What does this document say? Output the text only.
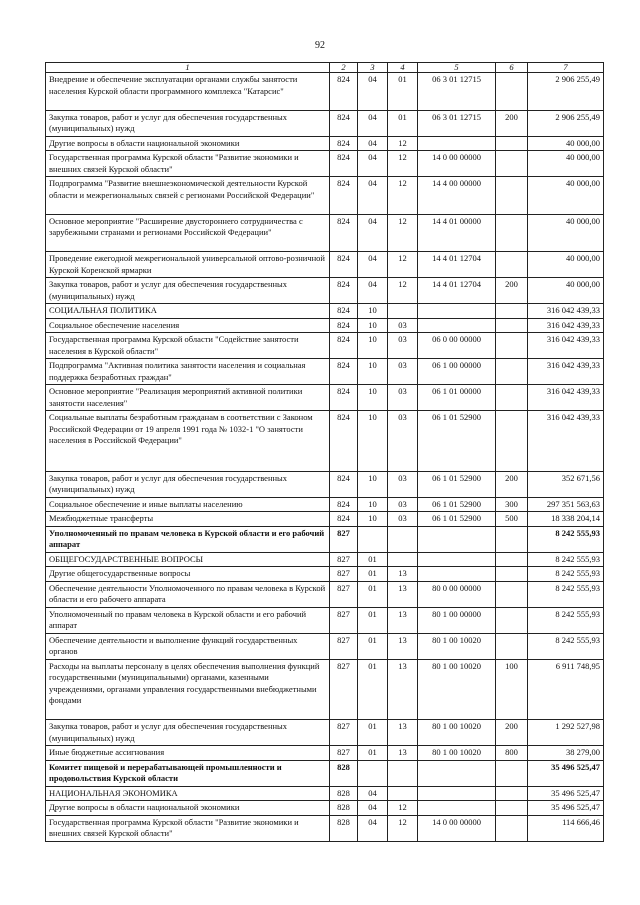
92
1	2	3	4	5	6	7
Внедрение и обеспечение эксплуатации органами службы занятости населения Курской области программного комплекса "Катарсис"	824	04	01	06 3 01 12715		2 906 255,49
Закупка товаров, работ и услуг для обеспечения государственных (муниципальных) нужд	824	04	01	06 3 01 12715	200	2 906 255,49
Другие вопросы в области национальной экономики	824	04	12			40 000,00
Государственная программа Курской области "Развитие экономики и внешних связей Курской области"	824	04	12	14 0 00 00000		40 000,00
Подпрограмма "Развитие внешнеэкономической деятельности Курской области и межрегиональных связей с регионами Российской Федерации"	824	04	12	14 4 00 00000		40 000,00
Основное мероприятие "Расширение двустороннего сотрудничества с зарубежными странами и регионами Российской Федерации"	824	04	12	14 4 01 00000		40 000,00
Проведение ежегодной межрегиональной универсальной оптово-розничной Курской Коренской ярмарки	824	04	12	14 4 01 12704		40 000,00
Закупка товаров, работ и услуг для обеспечения государственных (муниципальных) нужд	824	04	12	14 4 01 12704	200	40 000,00
СОЦИАЛЬНАЯ ПОЛИТИКА	824	10				316 042 439,33
Социальное обеспечение населения	824	10	03			316 042 439,33
Государственная программа Курской области "Содействие занятости населения в Курской области"	824	10	03	06 0 00 00000		316 042 439,33
Подпрограмма "Активная политика занятости населения и социальная поддержка безработных граждан"	824	10	03	06 1 00 00000		316 042 439,33
Основное мероприятие "Реализация мероприятий активной политики занятости населения"	824	10	03	06 1 01 00000		316 042 439,33
Социальные выплаты безработным гражданам в соответствии с Законом Российской Федерации от 19 апреля 1991 года № 1032-1 "О занятости населения в Российской Федерации"	824	10	03	06 1 01 52900		316 042 439,33
Закупка товаров, работ и услуг для обеспечения государственных (муниципальных) нужд	824	10	03	06 1 01 52900	200	352 671,56
Социальное обеспечение и иные выплаты населению	824	10	03	06 1 01 52900	300	297 351 563,63
Межбюджетные трансферты	824	10	03	06 1 01 52900	500	18 338 204,14
Уполномоченный по правам человека в Курской области и его рабочий аппарат	827					8 242 555,93
ОБЩЕГОСУДАРСТВЕННЫЕ ВОПРОСЫ	827	01				8 242 555,93
Другие общегосударственные вопросы	827	01	13			8 242 555,93
Обеспечение деятельности Уполномоченного по правам человека в Курской области и его рабочего аппарата	827	01	13	80 0 00 00000		8 242 555,93
Уполномоченный по правам человека в Курской области и его рабочий аппарат	827	01	13	80 1 00 00000		8 242 555,93
Обеспечение деятельности и выполнение функций государственных органов	827	01	13	80 1 00 10020		8 242 555,93
Расходы на выплаты персоналу в целях обеспечения выполнения функций государственными (муниципальными) органами, казенными учреждениями, органами управления государственными внебюджетными фондами	827	01	13	80 1 00 10020	100	6 911 748,95
Закупка товаров, работ и услуг для обеспечения государственных (муниципальных) нужд	827	01	13	80 1 00 10020	200	1 292 527,98
Иные бюджетные ассигнования	827	01	13	80 1 00 10020	800	38 279,00
Комитет пищевой и перерабатывающей промышленности и продовольствия Курской области	828					35 496 525,47
НАЦИОНАЛЬНАЯ ЭКОНОМИКА	828	04				35 496 525,47
Другие вопросы в области национальной экономики	828	04	12			35 496 525,47
Государственная программа Курской области "Развитие экономики и внешних связей Курской области"	828	04	12	14 0 00 00000		114 666,46
